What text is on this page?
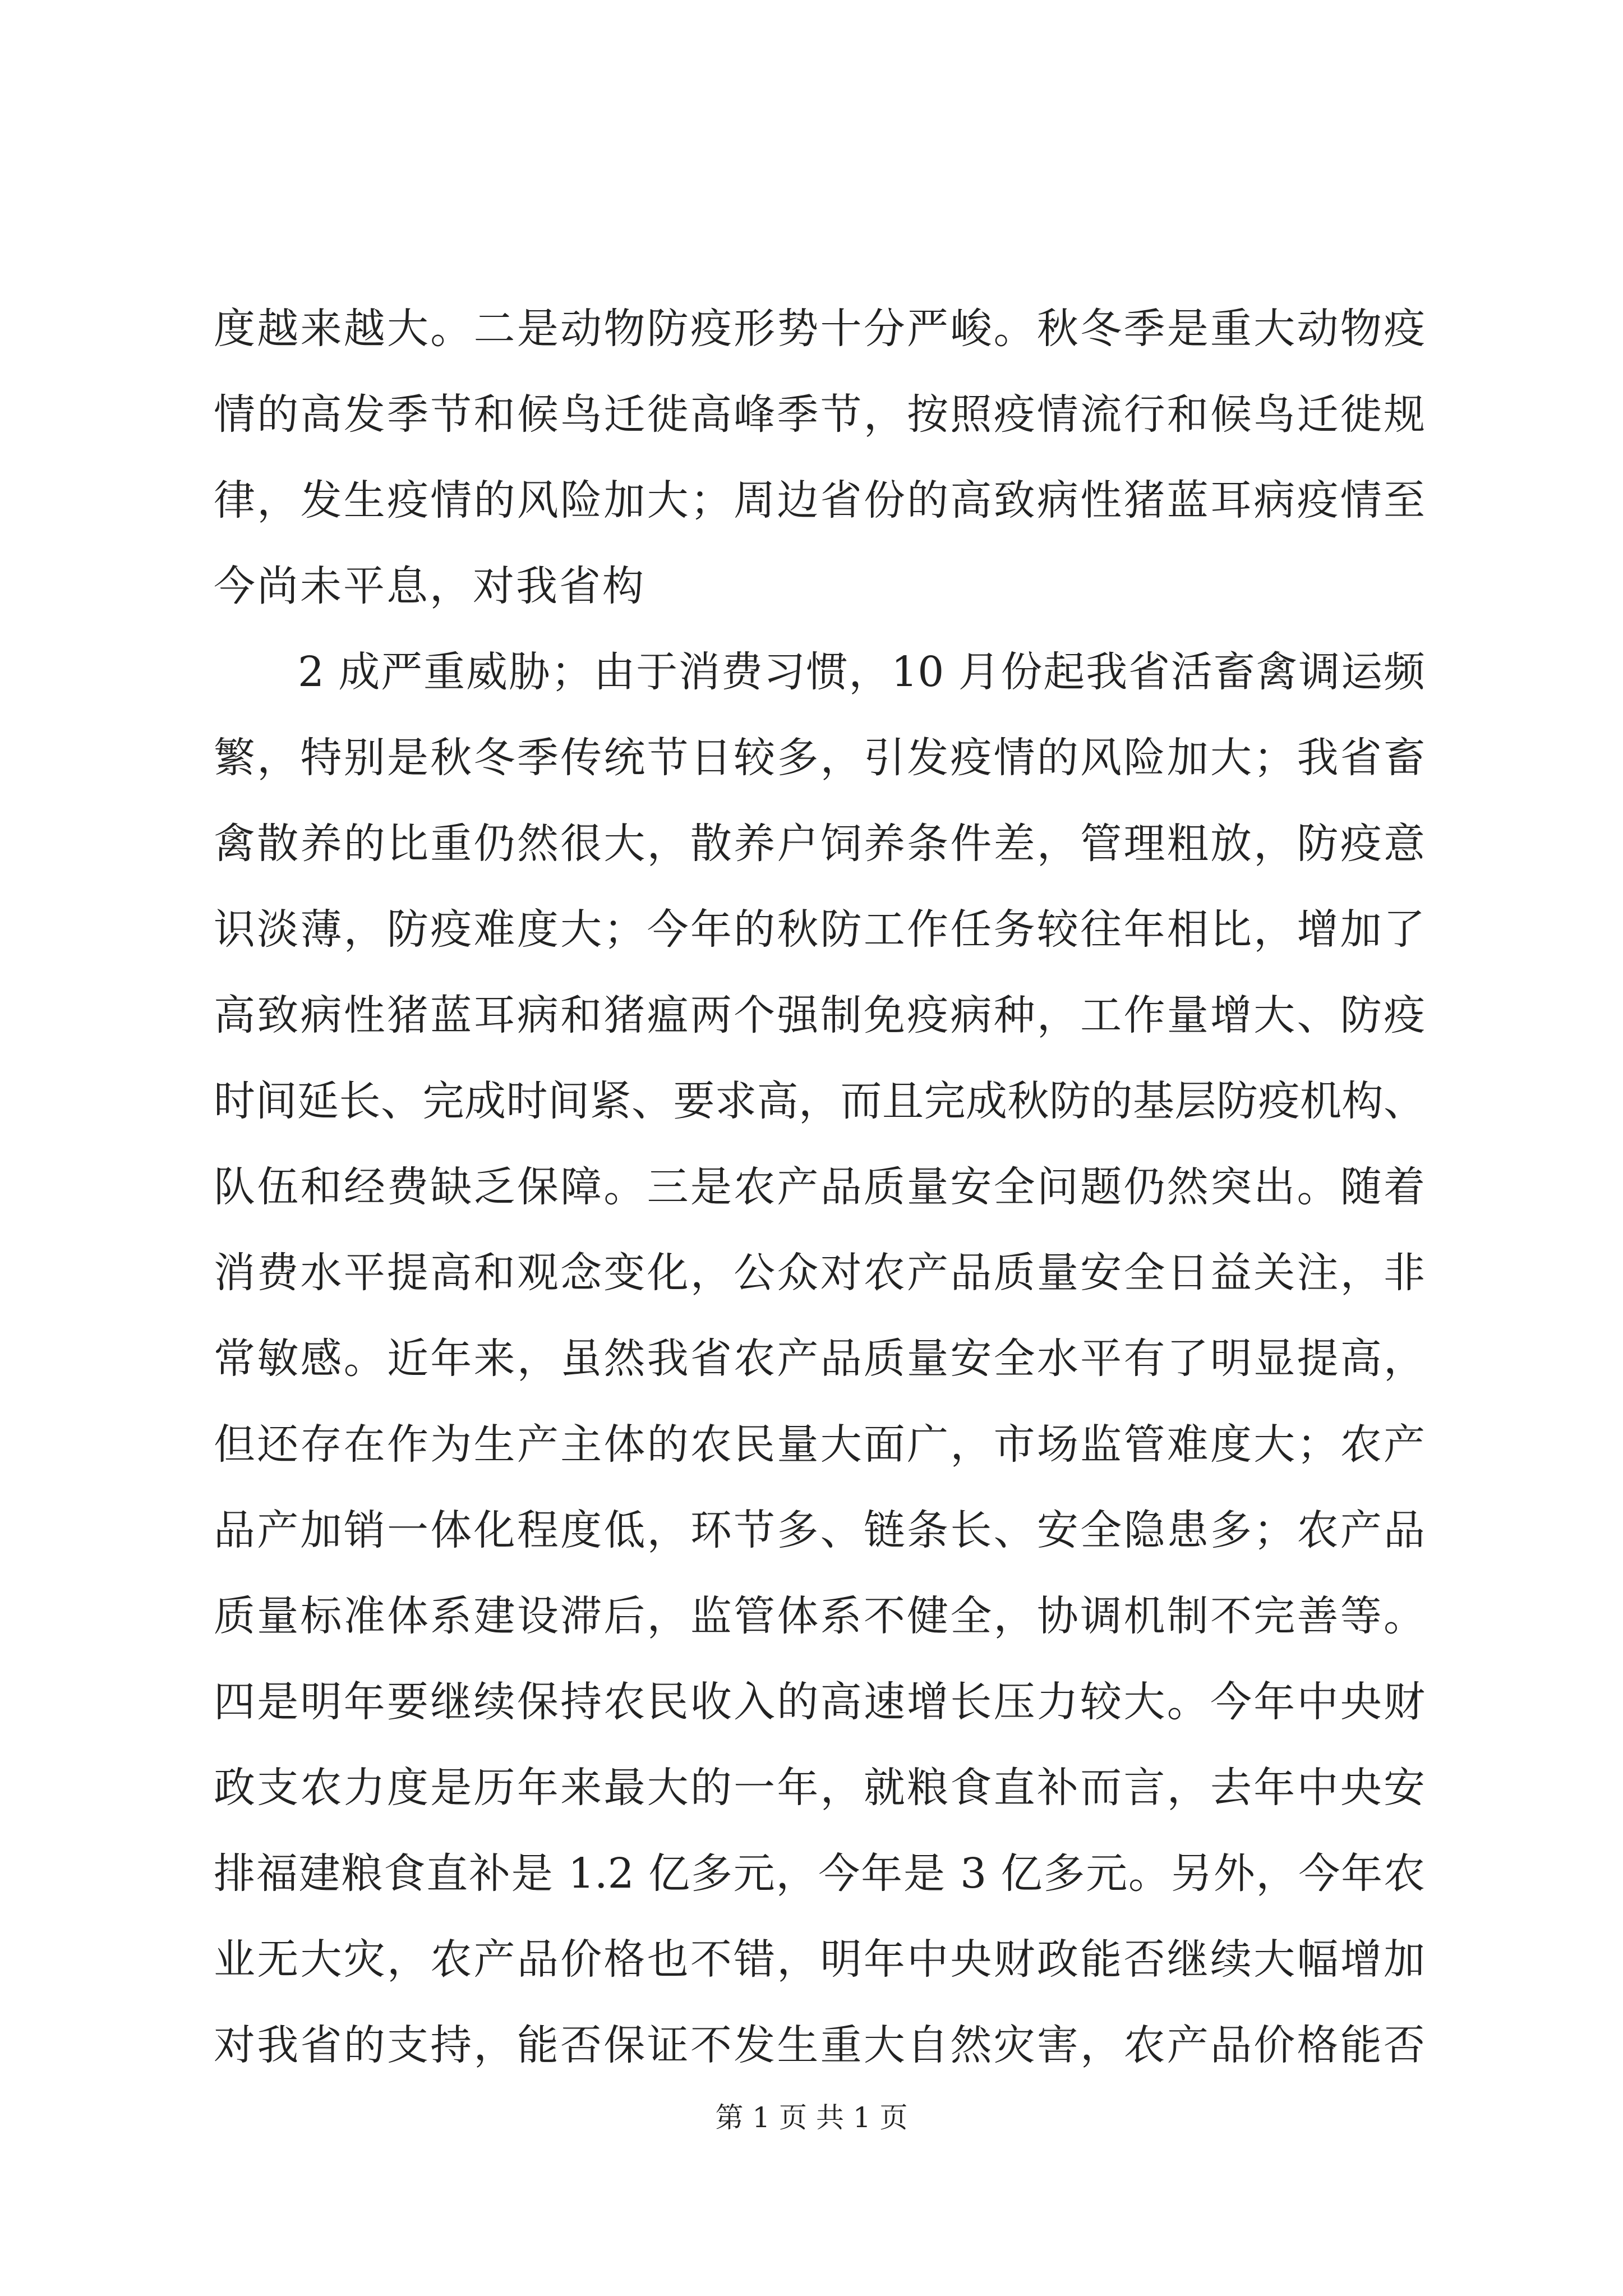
度越来越大。二是动物防疫形势十分严峻。秋冬季是重大动物疫
情的高发季节和候鸟迁徙高峰季节，按照疫情流行和候鸟迁徙规
律，发生疫情的风险加大；周边省份的高致病性猪蓝耳病疫情至
今尚未平息，对我省构
2 成严重威胁；由于消费习惯，10 月份起我省活畜禽调运频
繁，特别是秋冬季传统节日较多，引发疫情的风险加大；我省畜
禽散养的比重仍然很大，散养户饲养条件差，管理粗放，防疫意
识淡薄，防疫难度大；今年的秋防工作任务较往年相比，增加了
高致病性猪蓝耳病和猪瘟两个强制免疫病种，工作量增大、防疫
时间延长、完成时间紧、要求高，而且完成秋防的基层防疫机构、
队伍和经费缺乏保障。三是农产品质量安全问题仍然突出。随着
消费水平提高和观念变化，公众对农产品质量安全日益关注，非
常敏感。近年来，虽然我省农产品质量安全水平有了明显提高，
但还存在作为生产主体的农民量大面广，市场监管难度大；农产
品产加销一体化程度低，环节多、链条长、安全隐患多；农产品
质量标准体系建设滞后，监管体系不健全，协调机制不完善等。
四是明年要继续保持农民收入的高速增长压力较大。今年中央财
政支农力度是历年来最大的一年，就粮食直补而言，去年中央安
排福建粮食直补是 1.2 亿多元，今年是 3 亿多元。另外，今年农
业无大灾，农产品价格也不错，明年中央财政能否继续大幅增加
对我省的支持，能否保证不发生重大自然灾害，农产品价格能否
第 1 页 共 1 页
